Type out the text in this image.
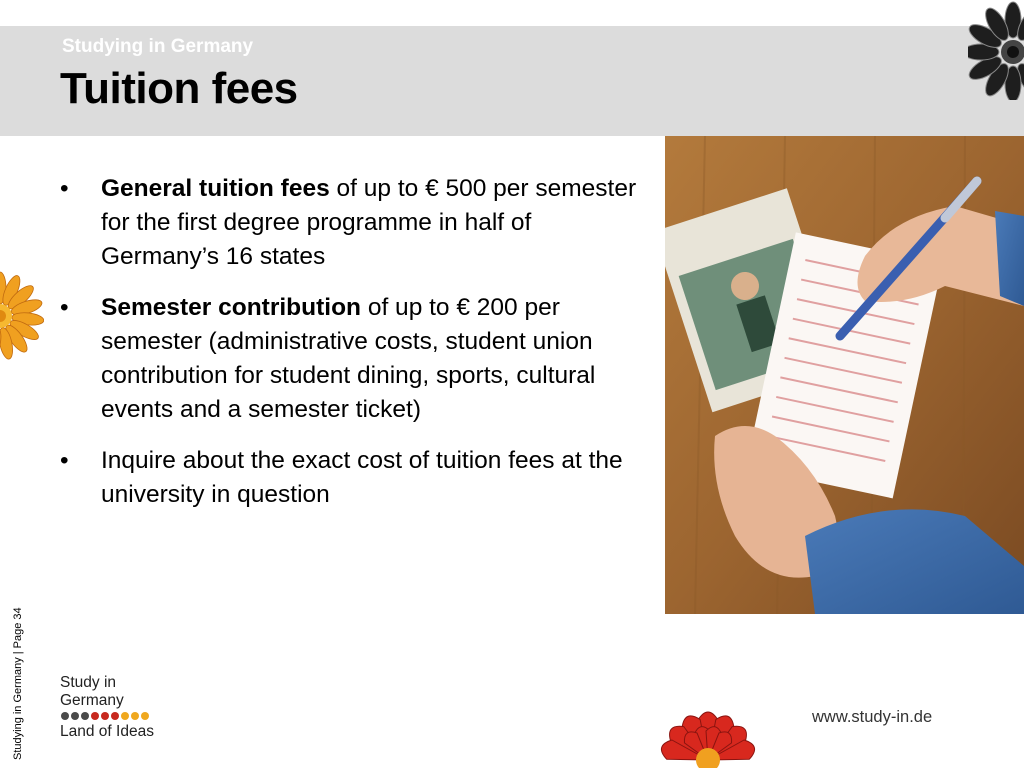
Studying in Germany
Tuition fees
• General tuition fees of up to € 500 per semester for the first degree programme in half of Germany’s 16 states
• Semester contribution of up to € 200 per semester (administrative costs, student union contribution for student dining, sports, cultural events and a semester ticket)
• Inquire about the exact cost of tuition fees at the university in question
Studying in Germany | Page 34 Study in
Germany
Land of Ideas
www.study-in.de
